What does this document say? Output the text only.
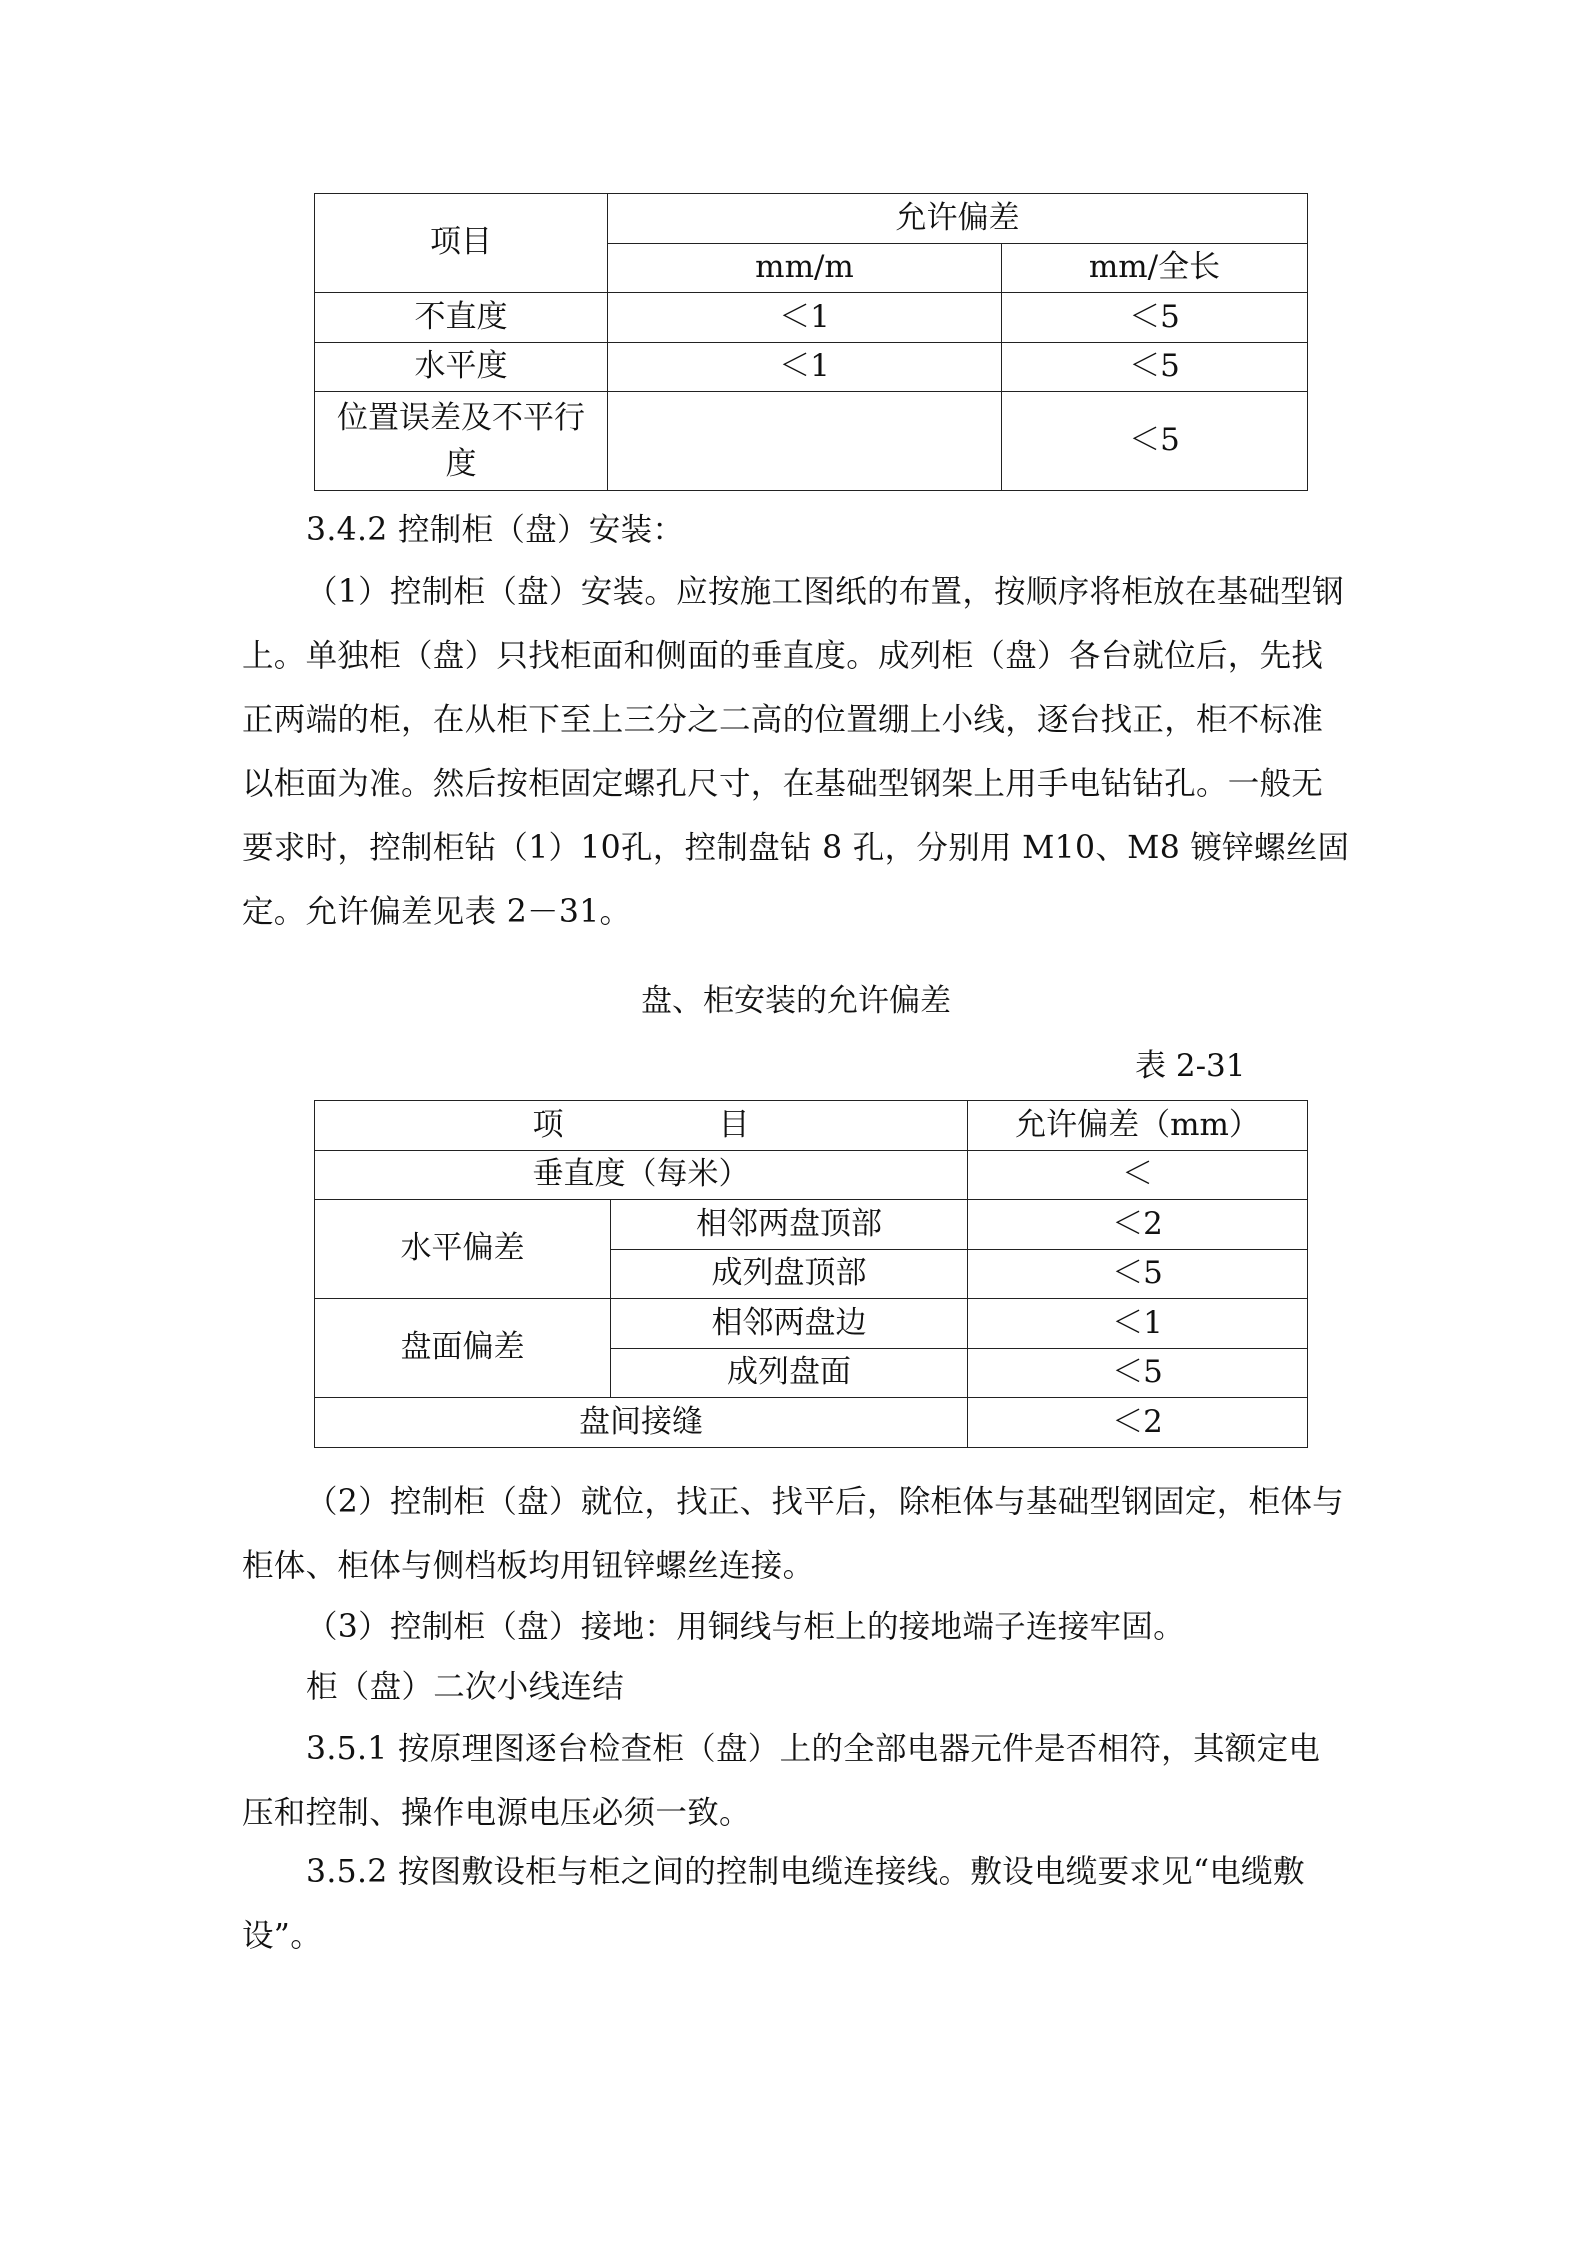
项目	允许偏差	
	mm/m	mm/全长
不直度	＜1	＜5
水平度	＜1	＜5
位置误差及不平行度		＜5

3.4.2 控制柜（盘）安装：

（1）控制柜（盘）安装。应按施工图纸的布置，按顺序将柜放在基础型钢上。单独柜（盘）只找柜面和侧面的垂直度。成列柜（盘）各台就位后，先找正两端的柜，在从柜下至上三分之二高的位置绷上小线，逐台找正，柜不标准以柜面为准。然后按柜固定螺孔尺寸，在基础型钢架上用手电钻钻孔。一般无要求时，控制柜钻（1）10孔，控制盘钻 8 孔，分别用 M10、M8 镀锌螺丝固定。允许偏差见表 2－31。

盘、柜安装的允许偏差

表 2-31

项　　　　　目		允许偏差（mm）
垂直度（每米）		＜
水平偏差	相邻两盘顶部	＜2
	成列盘顶部	＜5
盘面偏差	相邻两盘边	＜1
	成列盘面	＜5
盘间接缝		＜2

（2）控制柜（盘）就位，找正、找平后，除柜体与基础型钢固定，柜体与柜体、柜体与侧档板均用钮锌螺丝连接。

（3）控制柜（盘）接地：用铜线与柜上的接地端子连接牢固。

柜（盘）二次小线连结

3.5.1 按原理图逐台检查柜（盘）上的全部电器元件是否相符，其额定电压和控制、操作电源电压必须一致。

3.5.2 按图敷设柜与柜之间的控制电缆连接线。敷设电缆要求见“电缆敷设”。
